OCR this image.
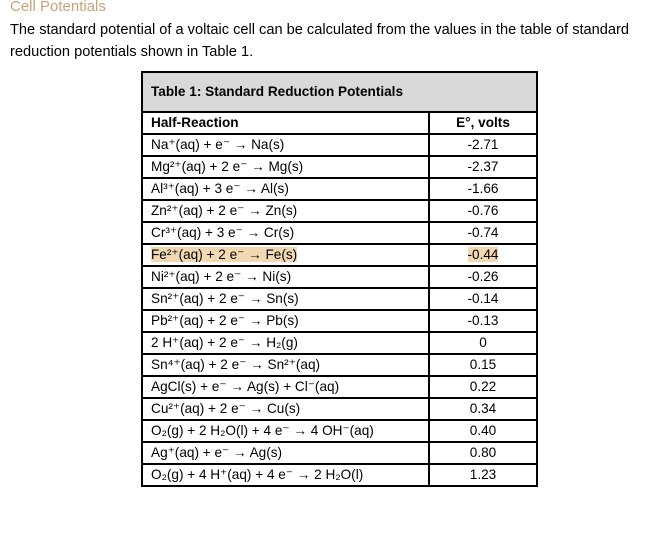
Cell Potentials

The standard potential of a voltaic cell can be calculated from the values in the table of standard reduction potentials shown in Table 1.

Table 1: Standard Reduction Potentials	
Half-Reaction	E°, volts
Na⁺(aq) + e⁻ → Na(s)	-2.71
Mg²⁺(aq) + 2 e⁻ → Mg(s)	-2.37
Al³⁺(aq) + 3 e⁻ → Al(s)	-1.66
Zn²⁺(aq) + 2 e⁻ → Zn(s)	-0.76
Cr³⁺(aq) + 3 e⁻ → Cr(s)	-0.74
Fe²⁺(aq) + 2 e⁻ → Fe(s)	-0.44
Ni²⁺(aq) + 2 e⁻ → Ni(s)	-0.26
Sn²⁺(aq) + 2 e⁻ → Sn(s)	-0.14
Pb²⁺(aq) + 2 e⁻ → Pb(s)	-0.13
2 H⁺(aq) + 2 e⁻ → H₂(g)	0
Sn⁴⁺(aq) + 2 e⁻ → Sn²⁺(aq)	0.15
AgCl(s) + e⁻ → Ag(s) + Cl⁻(aq)	0.22
Cu²⁺(aq) + 2 e⁻ → Cu(s)	0.34
O₂(g) + 2 H₂O(l) + 4 e⁻ → 4 OH⁻(aq)	0.40
Ag⁺(aq) + e⁻ → Ag(s)	0.80
O₂(g) + 4 H⁺(aq) + 4 e⁻ → 2 H₂O(l)	1.23
